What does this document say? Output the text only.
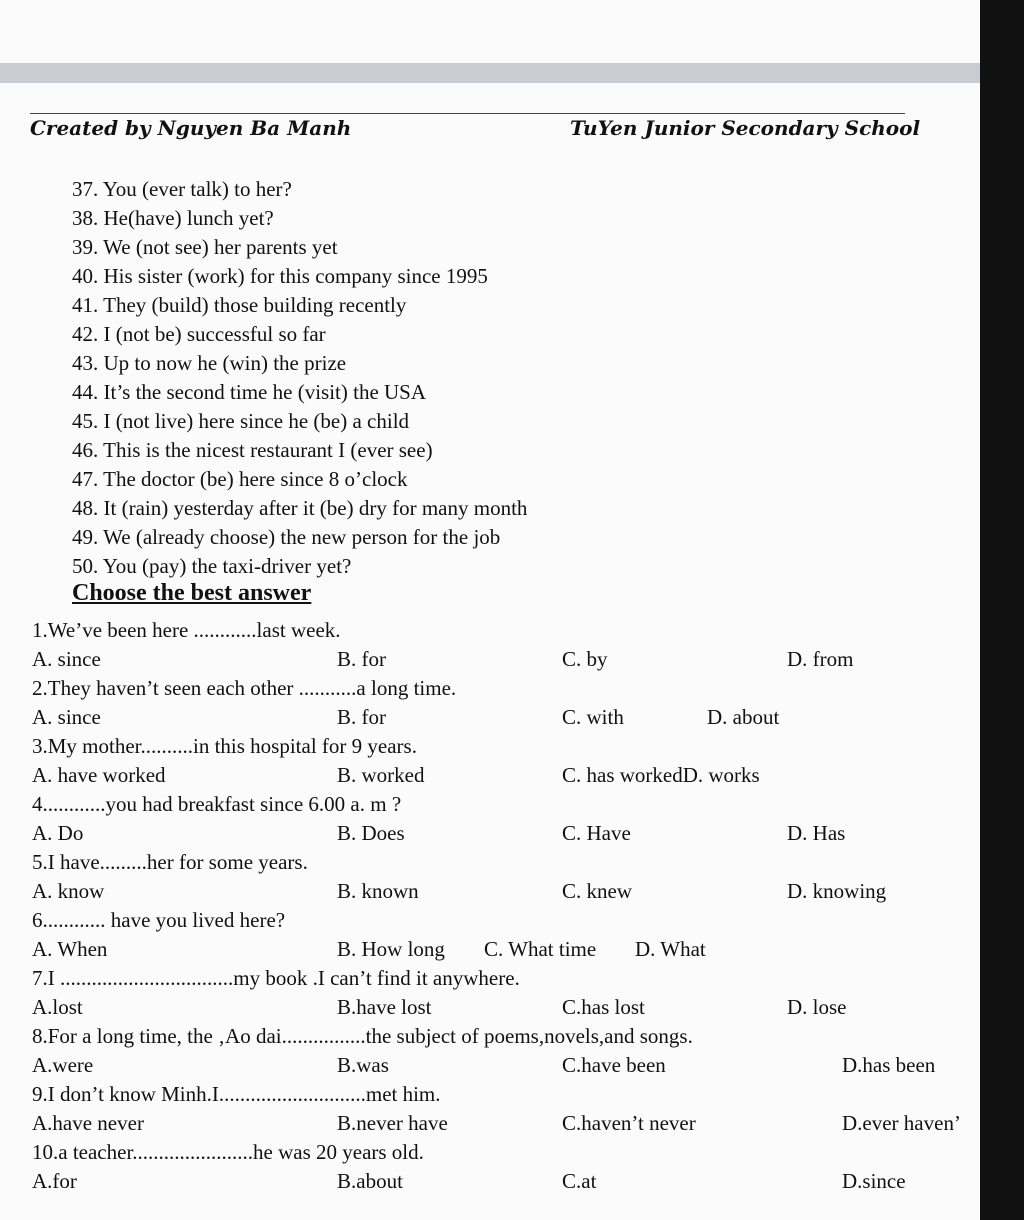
Created by Nguyen Ba Manh	TuYen Junior Secondary School
37. You (ever talk) to her?
38. He(have) lunch yet?
39. We (not see) her parents yet
40. His sister (work) for this company since 1995
41. They (build) those building recently
42. I (not be) successful so far
43. Up to now he (win) the prize
44. It’s the second time he (visit) the USA
45. I (not live) here since he (be) a child
46. This is the nicest restaurant I (ever see)
47. The doctor (be) here since 8 o’clock
48. It (rain) yesterday after it (be) dry for many month
49. We (already choose) the new person for the job
50. You (pay) the taxi-driver yet?
Choose the best answer
1.We’ve been here ............last week.
A. since	B. for	C. by	D. from
2.They haven’t seen each other ...........a long time.
A. since	B. for	C. with	D. about
3.My mother..........in this hospital for 9 years.
A. have worked	B. worked	C. has workedD. works
4............you had breakfast since 6.00 a. m ?
A. Do	B. Does	C. Have	D. Has
5.I have.........her for some years.
A. know	B. known	C. knew	D. knowing
6............ have you lived here?
A. When	B. How long C. What time D. What
7.I .................................my book .I can’t find it anywhere.
A.lost	B.have lost	C.has lost	D. lose
8.For a long time, the ‚Ao dai................the subject of poems,novels,and songs.
A.were	B.was	C.have been	D.has been
9.I don’t know Minh.I............................met him.
A.have never	B.never have	C.haven’t never	D.ever haven’
10.a teacher.......................he was 20 years old.
A.for	B.about	C.at	D.since
